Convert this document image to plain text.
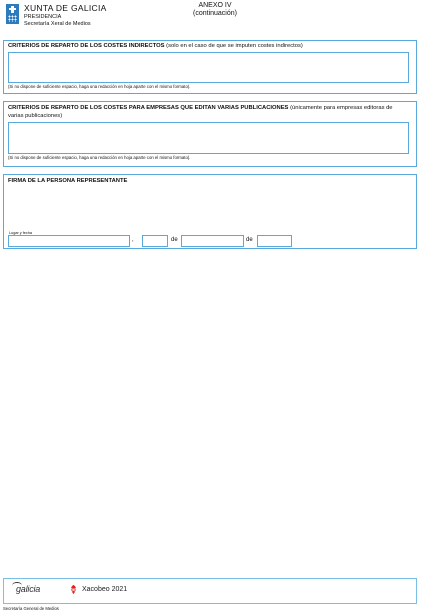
XUNTA DE GALICIA
PRESIDENCIA
Secretaría Xeral de Medios
ANEXO IV
(continuación)
CRITERIOS DE REPARTO DE LOS COSTES INDIRECTOS (solo en el caso de que se imputen costes indirectos)
(Si no dispone de suficiente espacio, haga una redacción en hoja aparte con el mismo formato).
CRITERIOS DE REPARTO DE LOS COSTES PARA EMPRESAS QUE EDITAN VARIAS PUBLICACIONES (únicamente para empresas editoras de varias publicaciones)
(Si no dispone de suficiente espacio, haga una redacción en hoja aparte con el mismo formato).
FIRMA DE LA PERSONA REPRESENTANTE
Lugar y fecha
,	de	de
galicia	Xacobeo 2021
Secretaría General de Medios
